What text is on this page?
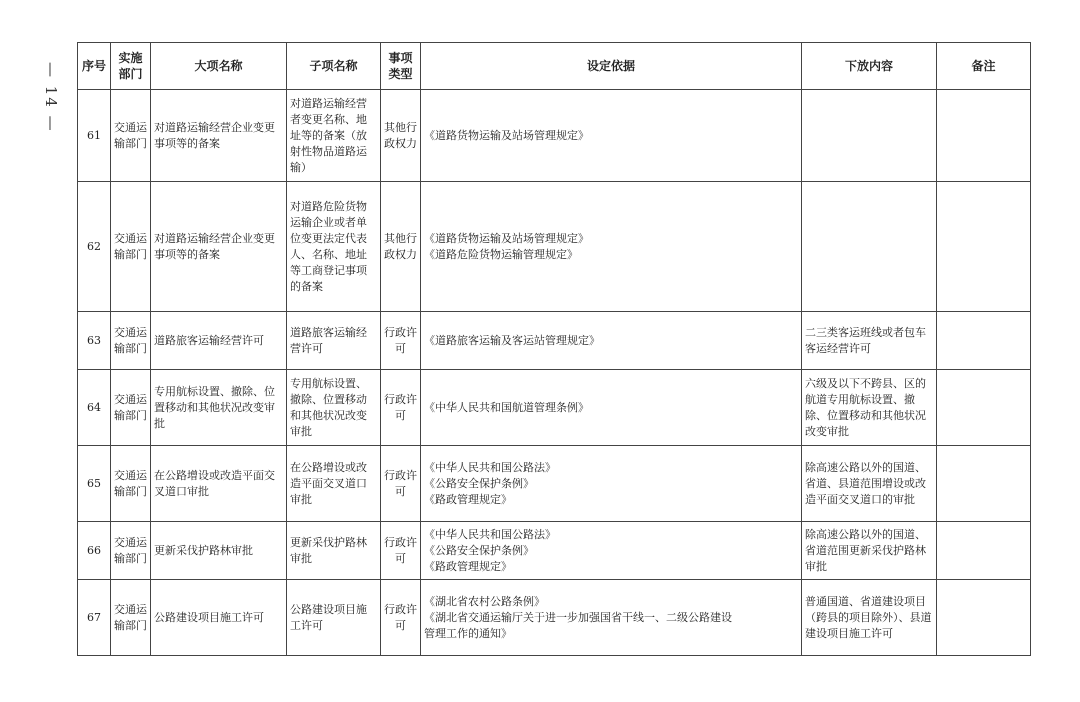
— 14 — 序号	实施部门	大项名称	子项名称	事项类型	设定依据	下放内容	备注
61	交通运输部门	对道路运输经营企业变更事项等的备案	对道路运输经营者变更名称、地址等的备案（放射性物品道路运输）	其他行政权力	《道路货物运输及站场管理规定》		

62	交通运输部门	对道路运输经营企业变更事项等的备案	对道路危险货物运输企业或者单位变更法定代表人、名称、地址等工商登记事项的备案	其他行政权力	《道路货物运输及站场管理规定》
《道路危险货物运输管理规定》		

63	交通运输部门	道路旅客运输经营许可	道路旅客运输经营许可	行政许可	《道路旅客运输及客运站管理规定》	二三类客运班线或者包车客运经营许可	
64	交通运输部门	专用航标设置、撤除、位置移动和其他状况改变审批	专用航标设置、撤除、位置移动和其他状况改变审批	行政许可	《中华人民共和国航道管理条例》	六级及以下不跨县、区的航道专用航标设置、撤除、位置移动和其他状况改变审批	
65	交通运输部门	在公路增设或改造平面交叉道口审批	在公路增设或改造平面交叉道口审批	行政许可	《中华人民共和国公路法》
《公路安全保护条例》
《路政管理规定》	除高速公路以外的国道、省道、县道范围增设或改造平面交叉道口的审批	
66	交通运输部门	更新采伐护路林审批	更新采伐护路林审批	行政许可	《中华人民共和国公路法》
《公路安全保护条例》
《路政管理规定》	除高速公路以外的国道、省道范围更新采伐护路林审批	
67	交通运输部门	公路建设项目施工许可	公路建设项目施工许可	行政许可	《湖北省农村公路条例》
《湖北省交通运输厅关于进一步加强国省干线一、二级公路建设
管理工作的通知》	普通国道、省道建设项目（跨县的项目除外）、县道建设项目施工许可	
